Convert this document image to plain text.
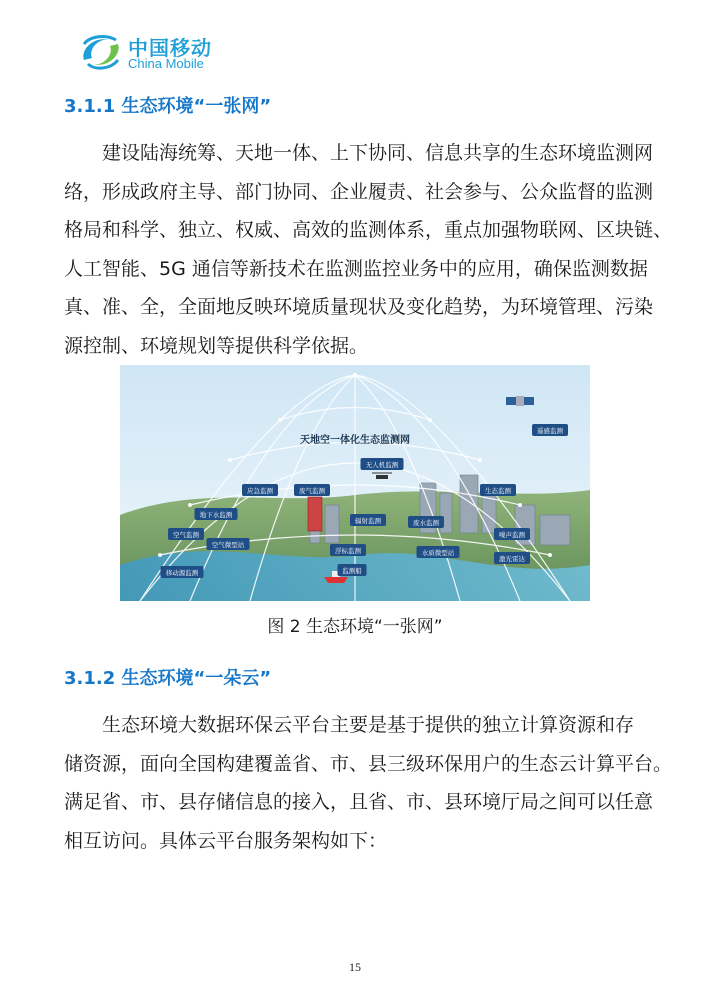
中国移动
China Mobile
3.1.1 生态环境“一张网”
建设陆海统筹、天地一体、上下协同、信息共享的生态环境监测网
络，形成政府主导、部门协同、企业履责、社会参与、公众监督的监测
格局和科学、独立、权威、高效的监测体系，重点加强物联网、区块链、
人工智能、5G 通信等新技术在监测监控业务中的应用，确保监测数据
真、准、全，全面地反映环境质量现状及变化趋势，为环境管理、污染
源控制、环境规划等提供科学依据。
天地空一体化生态监测网
遥感监测
无人机监测
生态监测
应急监测	废气监测
地下水监测
辐射监测	废水监测
空气监测
空气微型站
浮标监测
噪声监测
移动源监测	监测船
水质微型站
激光雷达
图 2 生态环境“一张网”
3.1.2 生态环境“一朵云”
生态环境大数据环保云平台主要是基于提供的独立计算资源和存
储资源，面向全国构建覆盖省、市、县三级环保用户的生态云计算平台。
满足省、市、县存储信息的接入，且省、市、县环境厅局之间可以任意
相互访问。具体云平台服务架构如下：
15
